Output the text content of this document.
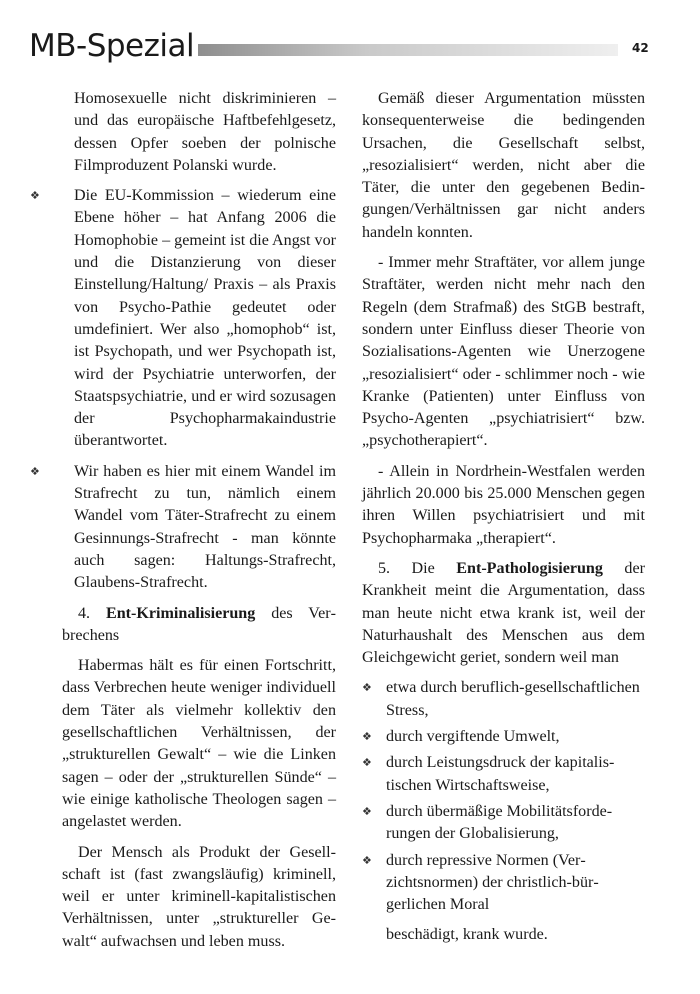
MB-Spezial	42

Homosexuelle nicht diskriminieren – und das europäische Haftbefehlgesetz, dessen Opfer soeben der polnische Filmproduzent Polanski wurde.

❖ Die EU-Kommission – wiederum eine Ebene höher – hat Anfang 2006 die Homophobie – gemeint ist die Angst vor und die Distanzierung von dieser Einstellung/Haltung/ Praxis – als Praxis von Psycho-Pathie gedeutet oder umdefiniert. Wer also „homophob“ ist, ist Psychopath, und wer Psychopath ist, wird der Psychiatrie unterworfen, der Staatspsychiatrie, und er wird sozusagen der Psychopharmakaindustrie überantwortet.
❖ Wir haben es hier mit einem Wandel im Strafrecht zu tun, nämlich einem Wandel vom Täter-Strafrecht zu einem Gesinnungs-Strafrecht - man könnte auch sagen: Haltungs-Strafrecht, Glaubens-Strafrecht.

4. Ent-Kriminalisierung des Verbrechens

Habermas hält es für einen Fortschritt, dass Verbrechen heute weniger individuell dem Täter als vielmehr kollektiv den gesellschaftlichen Verhältnissen, der „strukturellen Gewalt“ – wie die Linken sagen – oder der „strukturellen Sünde“ – wie einige katholische Theologen sagen – angelastet werden.

Der Mensch als Produkt der Gesellschaft ist (fast zwangsläufig) kriminell, weil er unter kriminell-kapitalistischen Verhältnissen, unter „struktureller Gewalt“ aufwachsen und leben muss.

Gemäß dieser Argumentation müssten konsequenterweise die bedingenden Ursachen, die Gesellschaft selbst, „resozialisiert“ werden, nicht aber die Täter, die unter den gegebenen Bedingungen/Verhältnissen gar nicht anders handeln konnten.

- Immer mehr Straftäter, vor allem junge Straftäter, werden nicht mehr nach den Regeln (dem Strafmaß) des StGB bestraft, sondern unter Einfluss dieser Theorie von Sozialisations-Agenten wie Unerzogene „resozialisiert“ oder - schlimmer noch - wie Kranke (Patienten) unter Einfluss von Psycho-Agenten „psychiatrisiert“ bzw. „psychotherapiert“.

- Allein in Nordrhein-Westfalen werden jährlich 20.000 bis 25.000 Menschen gegen ihren Willen psychiatrisiert und mit Psychopharmaka „therapiert“.

5. Die Ent-Pathologisierung der Krankheit meint die Argumentation, dass man heute nicht etwa krank ist, weil der Naturhaushalt des Menschen aus dem Gleichgewicht geriet, sondern weil man

❖ etwa durch beruflich-gesellschaftlichen Stress,
❖ durch vergiftende Umwelt,
❖ durch Leistungsdruck der kapitalistischen Wirtschaftsweise,
❖ durch übermäßige Mobilitätsforderungen der Globalisierung,
❖ durch repressive Normen (Verzichtsnormen) der christlich-bürgerlichen Moral

beschädigt, krank wurde.
